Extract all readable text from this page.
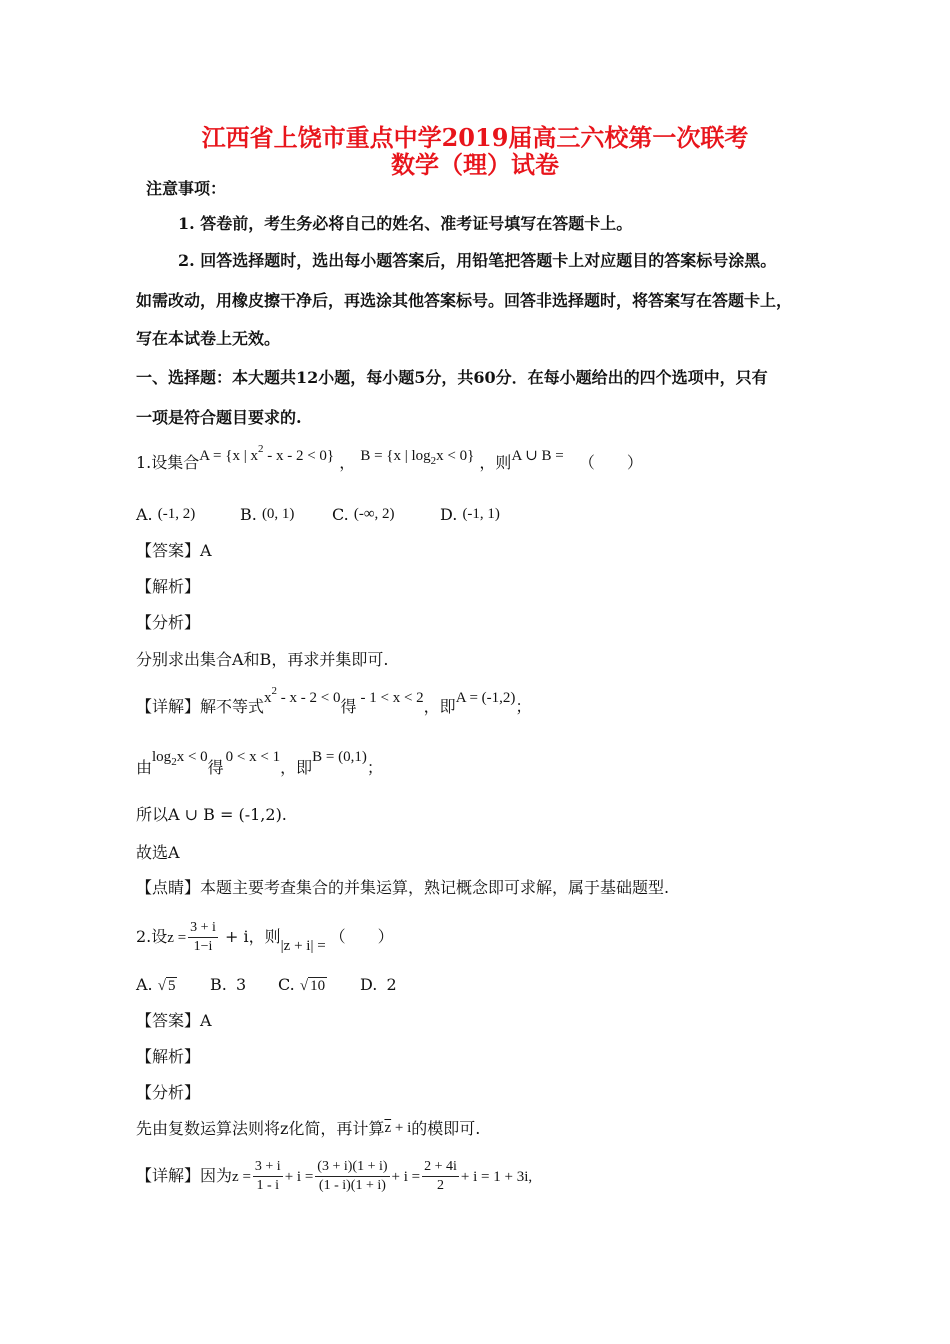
江西省上饶市重点中学2019届高三六校第一次联考
数学（理）试卷
注意事项：
1. 答卷前，考生务必将自己的姓名、准考证号填写在答题卡上。
2. 回答选择题时，选出每小题答案后，用铅笔把答题卡上对应题目的答案标号涂黑。
如需改动，用橡皮擦干净后，再选涂其他答案标号。回答非选择题时，将答案写在答题卡上，
写在本试卷上无效。
一、选择题：本大题共12小题，每小题5分，共60分．在每小题给出的四个选项中，只有
一项是符合题目要求的.
1.设集合A = {x | $x^2 - x - 2 < 0$} ， B = {x | $\log_2x < 0$} ，则A ∪ B = （　　）
A. (-1, 2)	B. (0, 1) C. (-∞, 2)	D. (-1, 1)
【答案】A
【解析】
【分析】
分别求出集合A和B，再求并集即可.
【详解】解不等式$x^2 - x - 2 < 0$得 - 1 < x < 2，即A = (-1,2)；
由$\log_2x < 0$得0 < x < 1，即B = (0,1)；
所以A ∪ B = (-1,2).
故选A
【点睛】本题主要考查集合的并集运算，熟记概念即可求解，属于基础题型.
2.设$z = \frac{3 + i}{1-i} + i$，则|z + i| = （　　）
A. √ 5 B. 3 C. √ 10 D. 2
【答案】A
【解析】
【分析】
先由复数运算法则将z化简，再计算$\overline{z} + i$的模即可.
【详解】因为$z = \frac{3 + i}{1 - i} + i = \frac{(3 + i)(1 + i)}{(1 - i)(1 + i)} + i = \frac{2 + 4i}{2} + i = 1 + 3i$,
